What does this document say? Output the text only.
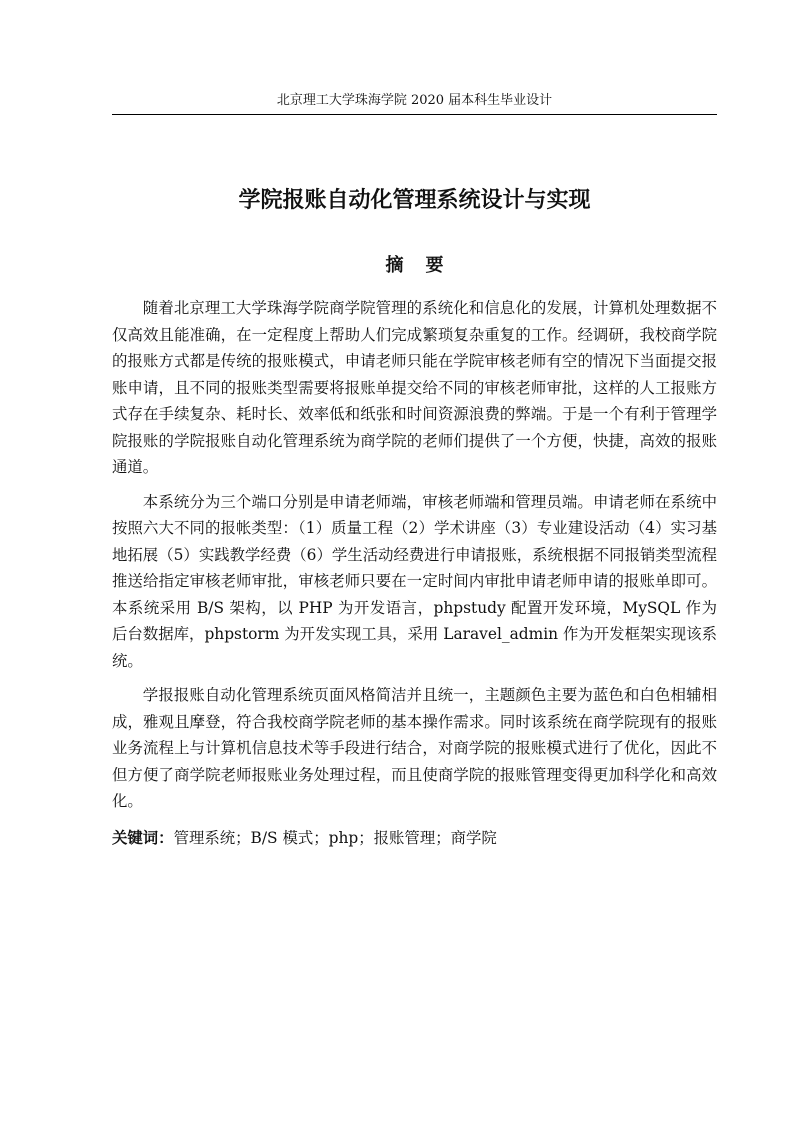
北京理工大学珠海学院 2020 届本科生毕业设计
学院报账自动化管理系统设计与实现
摘要

随着北京理工大学珠海学院商学院管理的系统化和信息化的发展，计算机处理数据不仅高效且能准确，在一定程度上帮助人们完成繁琐复杂重复的工作。经调研，我校商学院的报账方式都是传统的报账模式，申请老师只能在学院审核老师有空的情况下当面提交报账申请，且不同的报账类型需要将报账单提交给不同的审核老师审批，这样的人工报账方式存在手续复杂、耗时长、效率低和纸张和时间资源浪费的弊端。于是一个有利于管理学院报账的学院报账自动化管理系统为商学院的老师们提供了一个方便，快捷，高效的报账通道。

本系统分为三个端口分别是申请老师端，审核老师端和管理员端。申请老师在系统中按照六大不同的报帐类型：（1）质量工程（2）学术讲座（3）专业建设活动（4）实习基地拓展（5）实践教学经费（6）学生活动经费进行申请报账，系统根据不同报销类型流程推送给指定审核老师审批，审核老师只要在一定时间内审批申请老师申请的报账单即可。本系统采用 B/S 架构，以 PHP 为开发语言，phpstudy 配置开发环境，MySQL 作为后台数据库，phpstorm 为开发实现工具，采用 Laravel_admin 作为开发框架实现该系统。

学报报账自动化管理系统页面风格简洁并且统一，主题颜色主要为蓝色和白色相辅相成，雅观且摩登，符合我校商学院老师的基本操作需求。同时该系统在商学院现有的报账业务流程上与计算机信息技术等手段进行结合，对商学院的报账模式进行了优化，因此不但方便了商学院老师报账业务处理过程，而且使商学院的报账管理变得更加科学化和高效化。

关键词：管理系统；B/S 模式；php；报账管理；商学院
